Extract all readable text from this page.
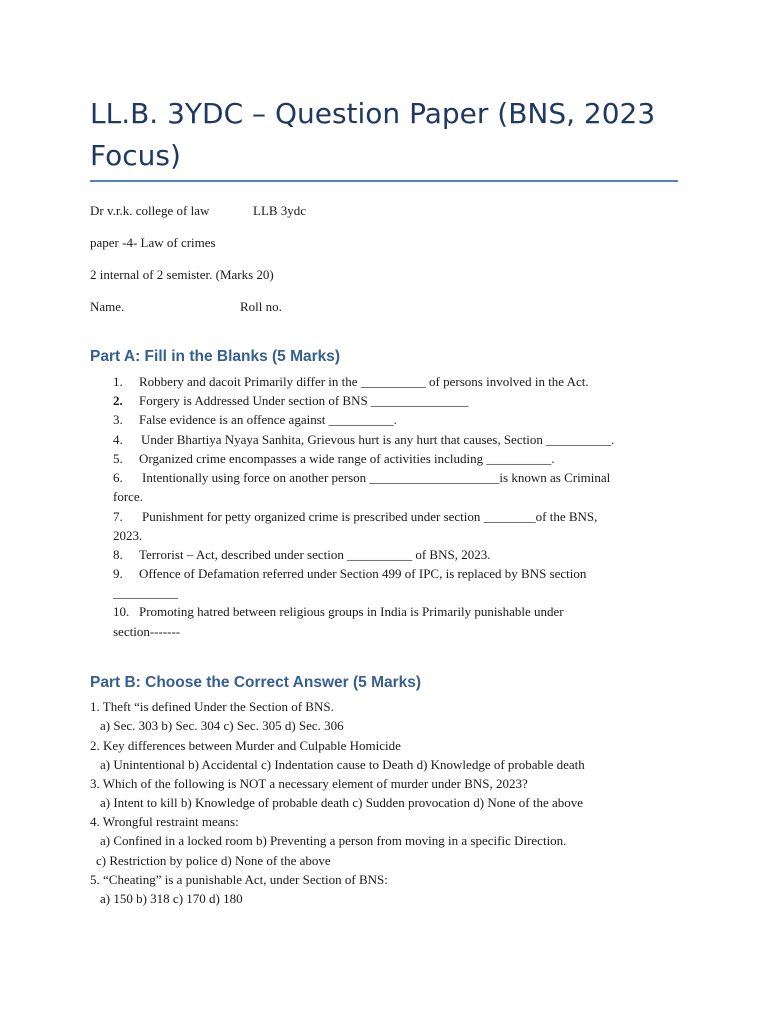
LL.B. 3YDC – Question Paper (BNS, 2023 Focus)
Dr v.r.k. college of law	LLB 3ydc
paper -4- Law of crimes
2 internal of 2 semister. (Marks 20)
Name.	Roll no.
Part A: Fill in the Blanks (5 Marks)
1. Robbery and dacoit Primarily differ in the __________ of persons involved in the Act.
2. Forgery is Addressed Under section of BNS _______________
3. False evidence is an offence against __________.
4. Under Bhartiya Nyaya Sanhita, Grievous hurt is any hurt that causes, Section __________.
5. Organized crime encompasses a wide range of activities including __________.
6. Intentionally using force on another person ____________________is known as Criminal
force.
7. Punishment for petty organized crime is prescribed under section ________of the BNS,
2023.
8. Terrorist – Act, described under section __________ of BNS, 2023.
9. Offence of Defamation referred under Section 499 of IPC, is replaced by BNS section
__________
10. Promoting hatred between religious groups in India is Primarily punishable under
section-------
Part B: Choose the Correct Answer (5 Marks)
1. Theft “is defined Under the Section of BNS.
a) Sec. 303 b) Sec. 304 c) Sec. 305 d) Sec. 306
2. Key differences between Murder and Culpable Homicide
a) Unintentional b) Accidental c) Indentation cause to Death d) Knowledge of probable death
3. Which of the following is NOT a necessary element of murder under BNS, 2023?
a) Intent to kill b) Knowledge of probable death c) Sudden provocation d) None of the above
4. Wrongful restraint means:
a) Confined in a locked room b) Preventing a person from moving in a specific Direction.
c) Restriction by police d) None of the above
5. “Cheating” is a punishable Act, under Section of BNS:
a) 150 b) 318 c) 170 d) 180
